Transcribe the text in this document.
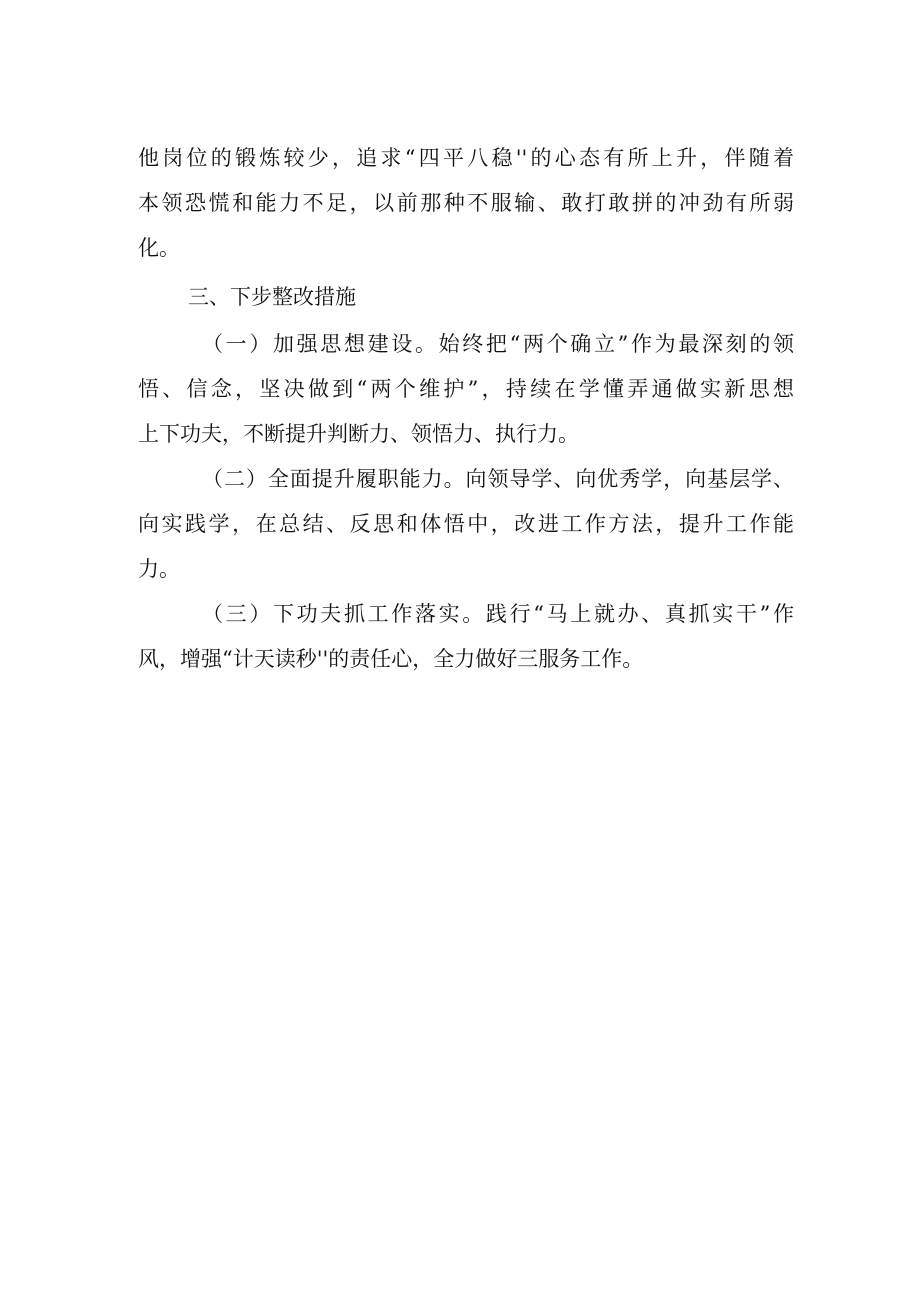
他岗位的锻炼较少，追求“四平八稳''的心态有所上升，伴随着
本领恐慌和能力不足，以前那种不服输、敢打敢拼的冲劲有所弱
化。
三、下步整改措施
（一）加强思想建设。始终把“两个确立”作为最深刻的领
悟、信念，坚决做到“两个维护”，持续在学懂弄通做实新思想
上下功夫，不断提升判断力、领悟力、执行力。
（二）全面提升履职能力。向领导学、向优秀学，向基层学、
向实践学，在总结、反思和体悟中，改进工作方法，提升工作能
力。
（三）下功夫抓工作落实。践行“马上就办、真抓实干”作
风，增强“计天读秒''的责任心，全力做好三服务工作。
